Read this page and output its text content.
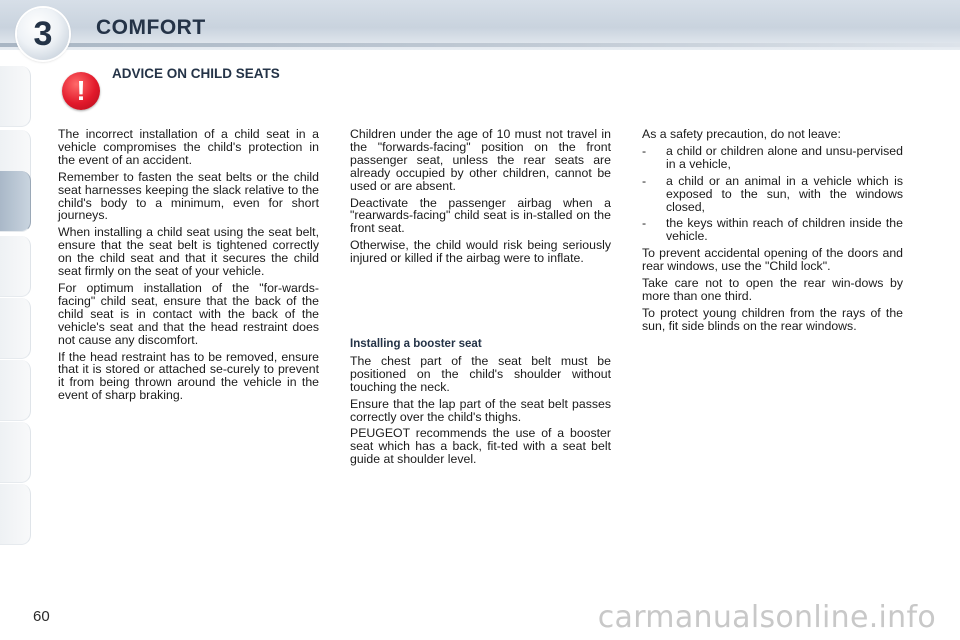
3	COMFORT
!
ADVICE ON CHILD SEATS

The incorrect installation of a child seat in a vehicle compromises the child's protection in the event of an accident.

Remember to fasten the seat belts or the child seat harnesses keeping the slack relative to the child's body to a minimum, even for short journeys.

When installing a child seat using the seat belt, ensure that the seat belt is tightened correctly on the child seat and that it secures the child seat firmly on the seat of your vehicle.

For optimum installation of the "for-wards-facing" child seat, ensure that the back of the child seat is in contact with the back of the vehicle's seat and that the head restraint does not cause any discomfort.

If the head restraint has to be removed, ensure that it is stored or attached se-curely to prevent it from being thrown around the vehicle in the event of sharp braking.

Children under the age of 10 must not travel in the "forwards-facing" position on the front passenger seat, unless the rear seats are already occupied by other children, cannot be used or are absent.

Deactivate the passenger airbag when a "rearwards-facing" child seat is in-stalled on the front seat.

Otherwise, the child would risk being seriously injured or killed if the airbag were to inflate.

Installing a booster seat

The chest part of the seat belt must be positioned on the child's shoulder without touching the neck.

Ensure that the lap part of the seat belt passes correctly over the child's thighs.

PEUGEOT recommends the use of a booster seat which has a back, fit-ted with a seat belt guide at shoulder level.

As a safety precaution, do not leave:

-	a child or children alone and unsu-pervised in a vehicle,
-	a child or an animal in a vehicle which is exposed to the sun, with the windows closed,
-	the keys within reach of children inside the vehicle.

To prevent accidental opening of the doors and rear windows, use the "Child lock".

Take care not to open the rear win-dows by more than one third.

To protect young children from the rays of the sun, fit side blinds on the rear windows.

60	carmanualsonline.info
